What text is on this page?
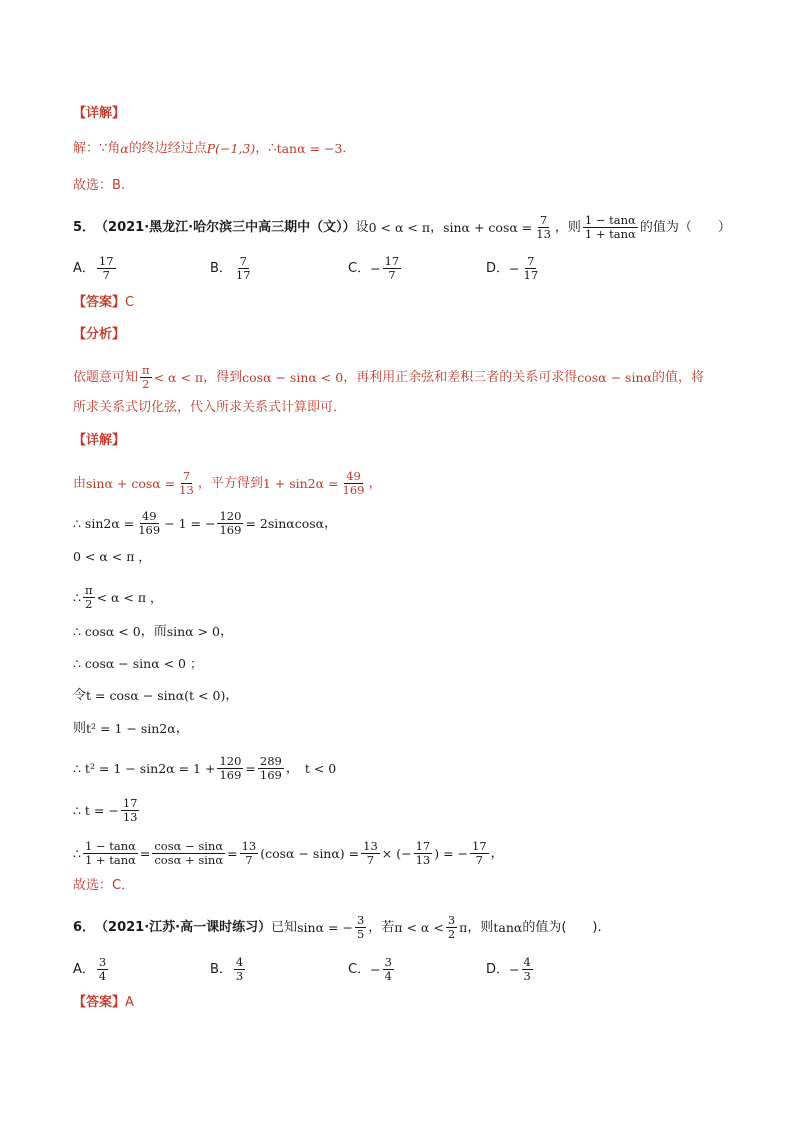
【详解】
解： ∵角 α 的终边经过点 P(−1,3) ，∴ tanα = −3 ．
故选： B.
5． （2021·黑龙江·哈尔滨三中高三期中（文）） 设 0 < α < π ， $\sin\alpha + \cos\alpha = \frac{7}{13}$ ，则 $\frac{1 - \tan\alpha}{1 + \tan\alpha}$ 的值为（　　）
A． $\frac{17}{7}$	B． $\frac{7}{17}$	C． − $\frac{17}{7}$	D． − $\frac{7}{17}$
【答案】 C
【分析】
依题意可知 $\frac{\pi}{2} < \alpha < \pi$ ，得到 cosα − sinα < 0 ，再利用正余弦和差积三者的关系可求得 cosα − sinα 的值，将
所求关系式切化弦，代入所求关系式计算即可．
【详解】
由 $\sin\alpha + \cos\alpha = \frac{7}{13}$ ，平方得到 $1 + \sin 2\alpha = \frac{49}{169}$ ，
∴ $\sin 2\alpha = \frac{49}{169} - 1$ = − $\frac{120}{169} = 2\sin\alpha\cos\alpha$ ，
0 < α < π ，
∴ $\frac{\pi}{2} < \alpha < \pi$ ，
∴ cosα < 0 ，而 sinα > 0 ，
∴ cosα − sinα < 0 ；
令 t = cosα − sinα(t < 0) ，
则 t² = 1 − sin2α ，
∴ $t^2 = 1 - \sin 2\alpha = 1 + \frac{120}{169} = \frac{289}{169}$ ， t < 0
∴ t = − $\frac{17}{13}$
∴ $\frac{1 - \tan\alpha}{1 + \tan\alpha} = \frac{\cos\alpha - \sin\alpha}{\cos\alpha + \sin\alpha} = \frac{13}{7} (\cos\alpha - \sin\alpha) = \frac{13}{7}$ × (− $\frac{17}{13}$ ) = − $\frac{17}{7}$ ，
故选：C．
6． （2021·江苏·高一课时练习） 已知 sinα = − $\frac{3}{5}$ ，若 $\pi < \alpha < \frac{3}{2}$ π ，则 tanα 的值为(　　).
A． $\frac{3}{4}$	B． $\frac{4}{3}$	C． − $\frac{3}{4}$	D． − $\frac{4}{3}$
【答案】 A
